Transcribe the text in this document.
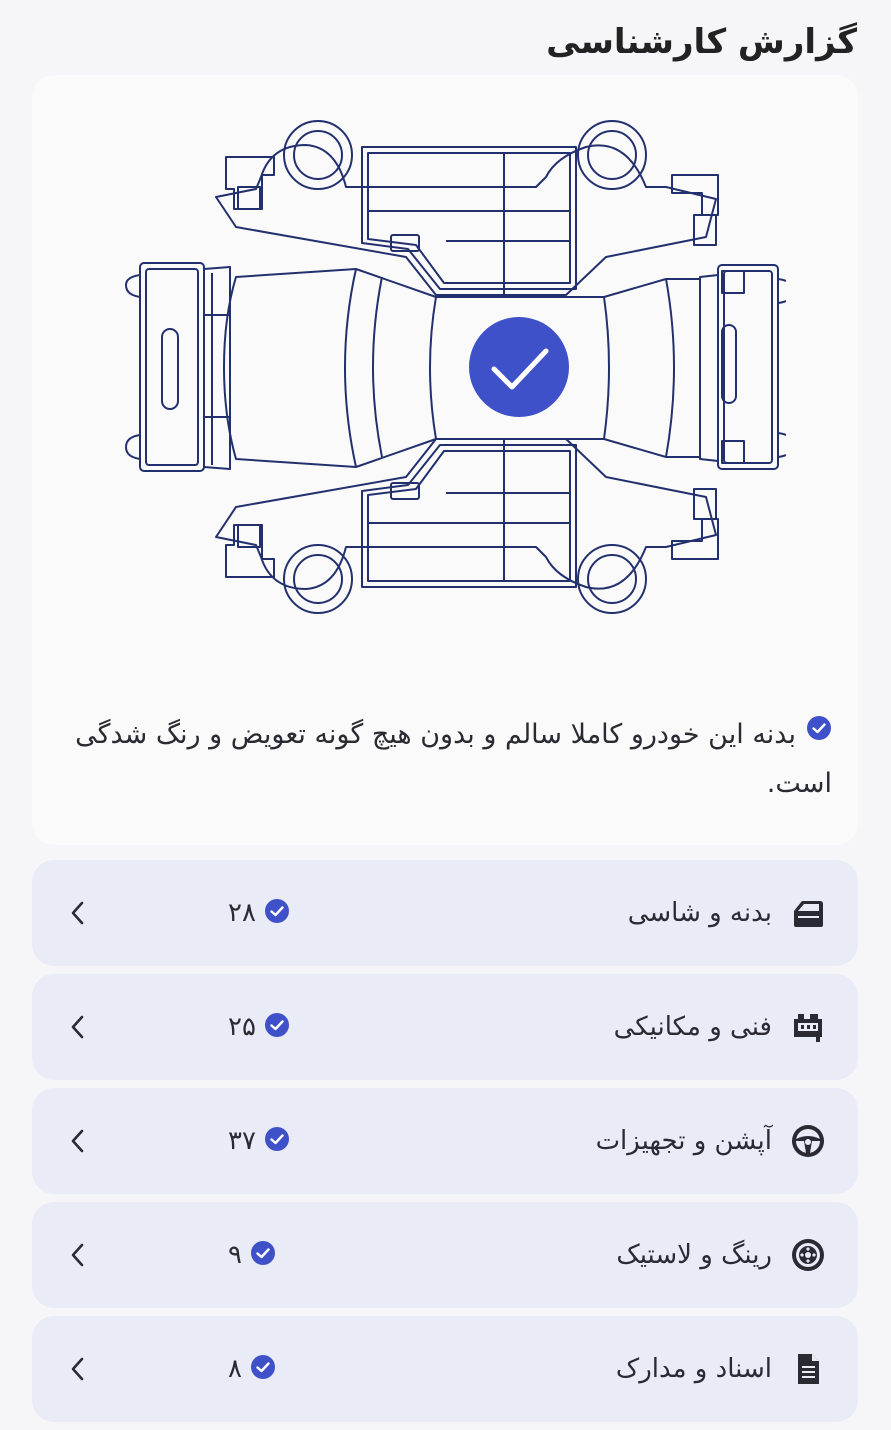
گزارش کارشناسی
بدنه این خودرو کاملا سالم و بدون هیچ گونه تعویض و رنگ شدگی است.
بدنه و شاسی
۲۸
فنی و مکانیکی
۲۵
آپشن و تجهیزات
۳۷
رینگ و لاستیک
۹
اسناد و مدارک
۸
